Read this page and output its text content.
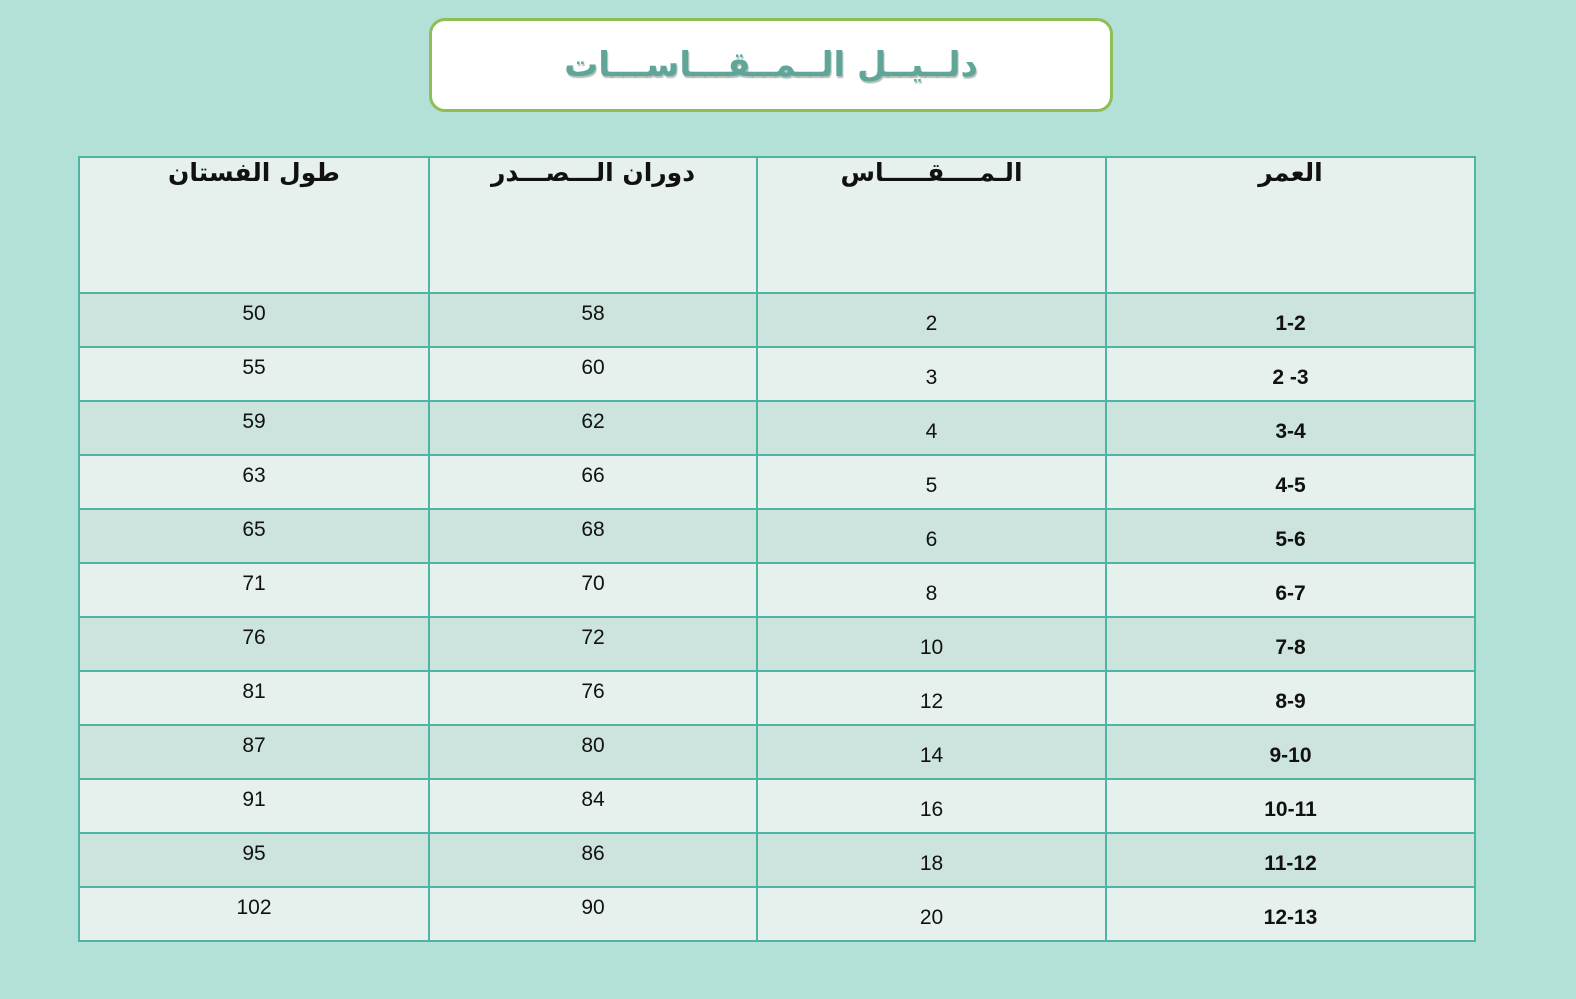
دلــيــل الــمــقـــاســـات
طول الفستان	دوران الـــصـــدر	الـمــــقـــــاس	العمر
50	58	2	1-2
55	60	3	2 -3
59	62	4	3-4
63	66	5	4-5
65	68	6	5-6
71	70	8	6-7
76	72	10	7-8
81	76	12	8-9
87	80	14	9-10
91	84	16	10-11
95	86	18	11-12
102	90	20	12-13
